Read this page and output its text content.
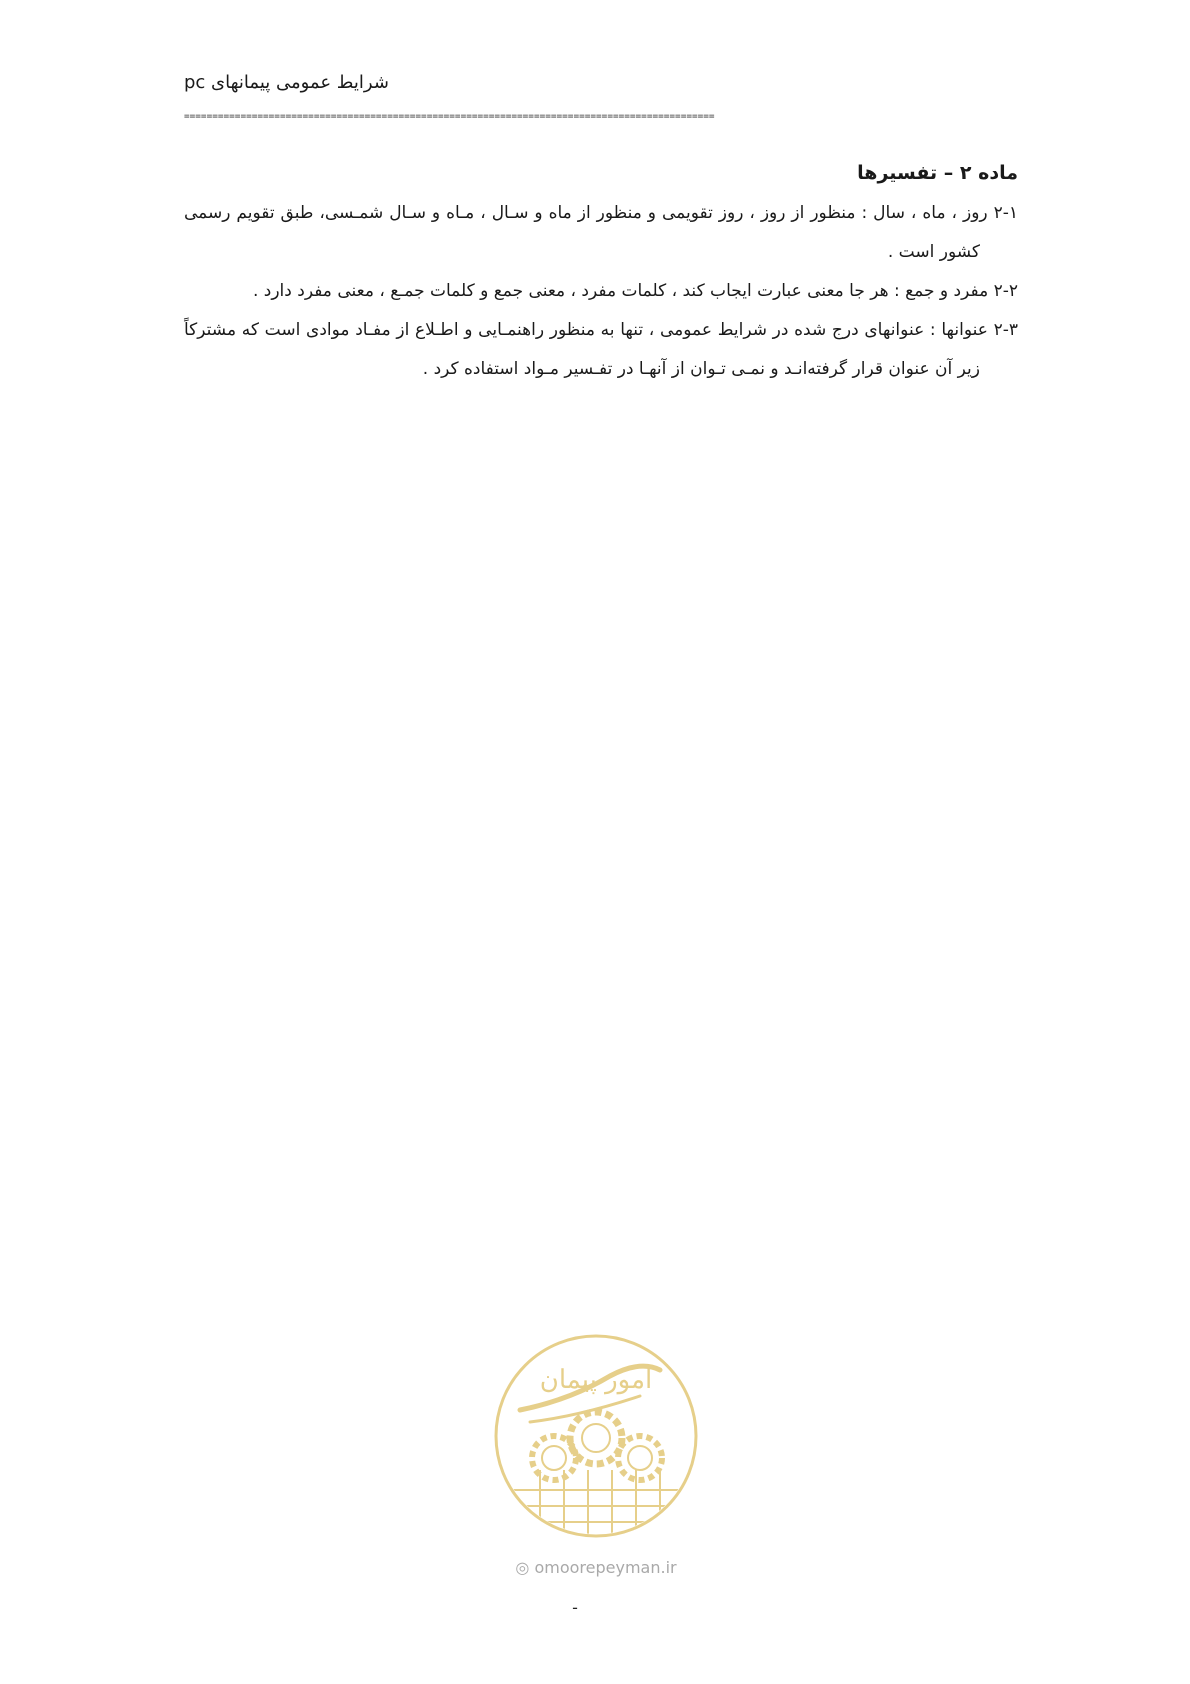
شرایط عمومی پیمانهای pc
==============================================================================================
ماده ۲ – تفسیرها

۲-۱ روز ، ماه ، سال : منظور از روز ، روز تقویمی و منظور از ماه و سـال ، مـاه و سـال شمـسی، طبق تقویم رسمی کشور است .

۲-۲ مفرد و جمع : هر جا معنی عبارت ایجاب کند ، کلمات مفرد ، معنی جمع و کلمات جمـع ، معنی مفرد دارد .

۲-۳ عنوانها : عنوانهای درج شده در شرایط عمومی ، تنها به منظور راهنمـایی و اطـلاع از مفـاد موادی است که مشترکاً زیر آن عنوان قرار گرفته‌انـد و نمـی تـوان از آنهـا در تفـسیر مـواد استفاده کرد .

امور پیمان
◎ omoorepeyman.ir
-
